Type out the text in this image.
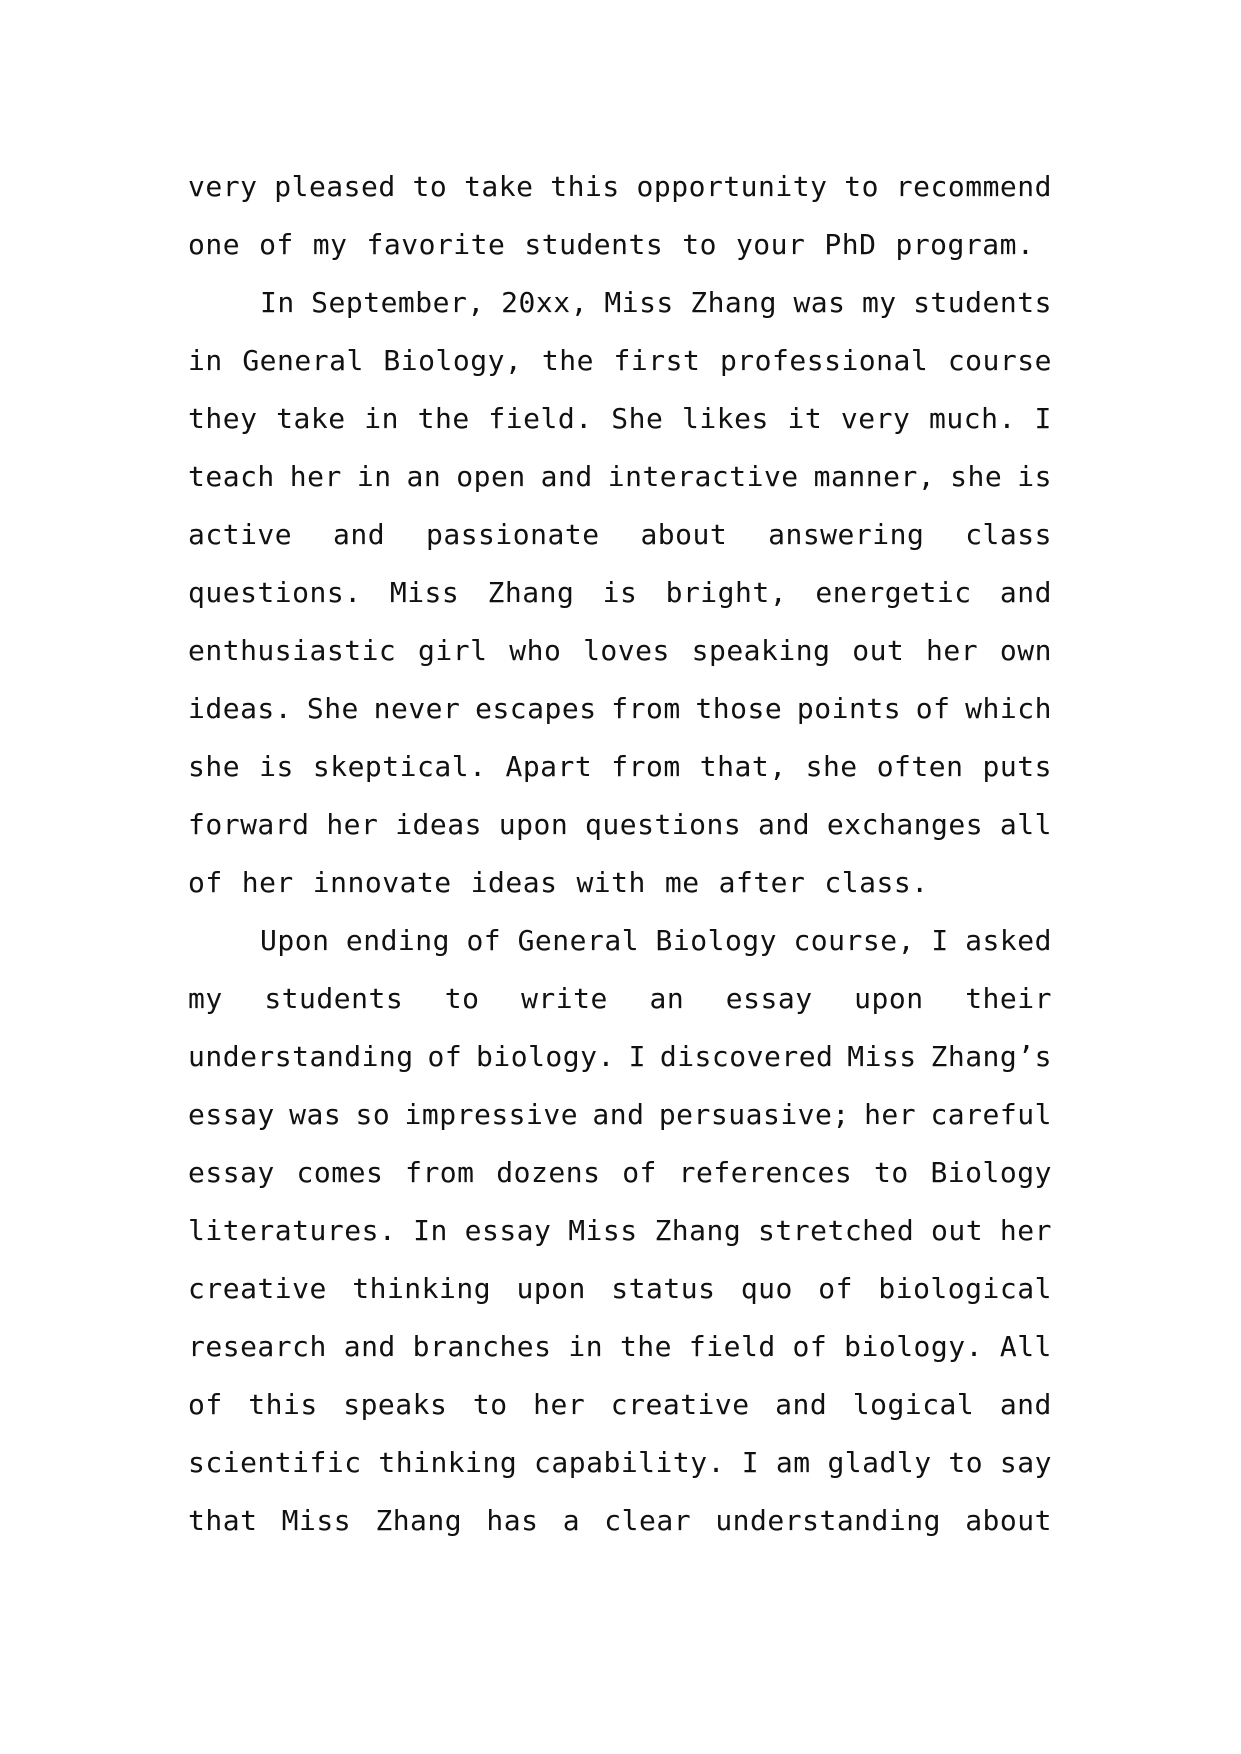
very pleased to take this opportunity to recommend
one of my favorite students to your PhD program.
In September, 20xx, Miss Zhang was my students
in General Biology, the first professional course
they take in the field. She likes it very much. I
teach her in an open and interactive manner, she is
active and passionate about answering class
questions. Miss Zhang is bright, energetic and
enthusiastic girl who loves speaking out her own
ideas. She never escapes from those points of which
she is skeptical. Apart from that, she often puts
forward her ideas upon questions and exchanges all
of her innovate ideas with me after class.
Upon ending of General Biology course, I asked
my students to write an essay upon their
understanding of biology. I discovered Miss Zhang’s
essay was so impressive and persuasive; her careful
essay comes from dozens of references to Biology
literatures. In essay Miss Zhang stretched out her
creative thinking upon status quo of biological
research and branches in the field of biology. All
of this speaks to her creative and logical and
scientific thinking capability. I am gladly to say
that Miss Zhang has a clear understanding about
